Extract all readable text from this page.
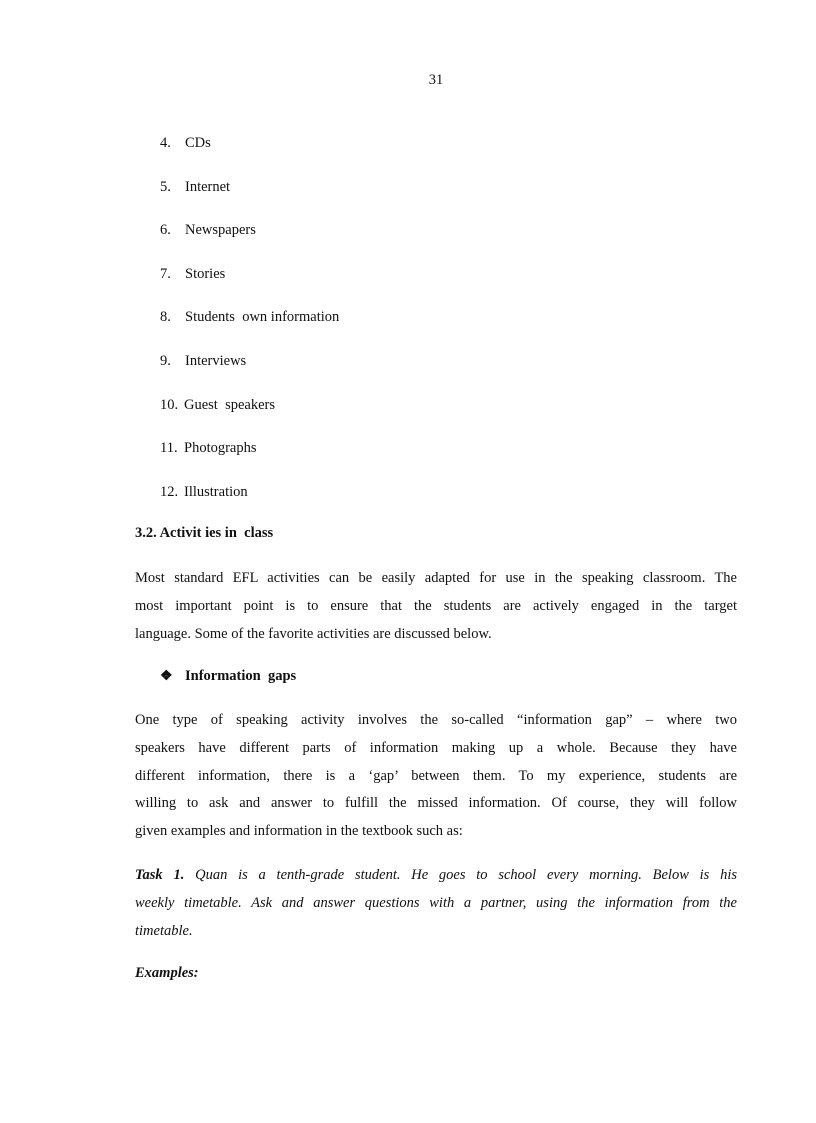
31
4. CDs
5. Internet
6. Newspapers
7. Stories
8. Students  own information
9. Interviews
10. Guest  speakers
11. Photographs
12. Illustration
3.2. Activit ies in  class
Most standard EFL activities can be easily adapted for use in the speaking classroom. The
most important point is to ensure that the students are actively engaged in the target
language. Some of the favorite activities are discussed below.
❖ Information  gaps
One type of speaking activity involves the so-called “information gap” – where two
speakers have different parts of information making up a whole. Because they have
different information, there is a ‘gap’ between them. To my experience, students are
willing to ask and answer to fulfill the missed information. Of course, they will follow
given examples and information in the textbook such as:
Task 1. Quan is a tenth-grade student. He goes to school every morning. Below is his
weekly timetable. Ask and answer questions with a partner, using the information from the
timetable.
Examples:
